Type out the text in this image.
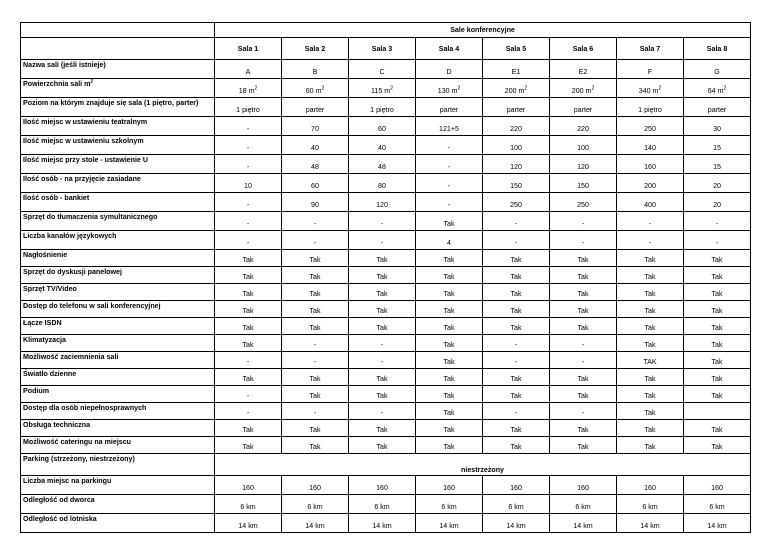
	Sale konferencyjne							
	Sala 1	Sala 2	Sala 3	Sala 4	Sala 5	Sala 6	Sala 7	Sala 8
Nazwa sali (jeśli istnieje)	A	B	C	D	E1	E2	F	G
Powierzchnia sali $m^2$	18 $m^2$	60 $m^2$	115 $m^2$	130 $m^2$	200 $m^2$	200 $m^2$	340 $m^2$	64 $m^2$
Poziom na którym znajduje się sala (1 piętro, parter)	1 piętro	parter	1 piętro	parter	parter	parter	1 piętro	parter
Ilość miejsc w ustawieniu teatralnym	-	70	60	121+5	220	220	250	30
Ilość miejsc w ustawieniu szkolnym	-	40	40	-	100	100	140	15
Ilość miejsc przy stole - ustawienie U	-	48	48	-	120	120	160	15
Ilość osób - na przyjęcie zasiadane	10	60	80	-	150	150	200	20
Ilość osób - bankiet	-	90	120	-	250	250	400	20
Sprzęt do tłumaczenia symultanicznego	-	-	-	Tak	-	-	-	-
Liczba kanałów językowych	-	-	-	4	-	-	-	-
Nagłośnienie	Tak	Tak	Tak	Tak	Tak	Tak	Tak	Tak
Sprzęt do dyskusji panelowej	Tak	Tak	Tak	Tak	Tak	Tak	Tak	Tak
Sprzęt TV/Video	Tak	Tak	Tak	Tak	Tak	Tak	Tak	Tak
Dostęp do telefonu w sali konferencyjnej	Tak	Tak	Tak	Tak	Tak	Tak	Tak	Tak
Łącze ISDN	Tak	Tak	Tak	Tak	Tak	Tak	Tak	Tak
Klimatyzacja	Tak	-	-	Tak	-	-	Tak	Tak
Możliwość zaciemnienia sali	-	-	-	Tak	-	-	TAK	Tak
Światło dzienne	Tak	Tak	Tak	Tak	Tak	Tak	Tak	Tak
Podium	-	Tak	Tak	Tak	Tak	Tak	Tak	Tak
Dostęp dla osób niepełnosprawnych	-	-	-	Tak	-	-	Tak	
Obsługa techniczna	Tak	Tak	Tak	Tak	Tak	Tak	Tak	Tak
Możliwość cateringu na miejscu	Tak	Tak	Tak	Tak	Tak	Tak	Tak	Tak
Parking (strzeżony, niestrzeżony)	niestrzeżony							
Liczba miejsc na parkingu	160	160	160	160	160	160	160	160
Odległość od dworca	6 km	6 km	6 km	6 km	6 km	6 km	6 km	6 km
Odległość od lotniska	14 km	14 km	14 km	14 km	14 km	14 km	14 km	14 km
